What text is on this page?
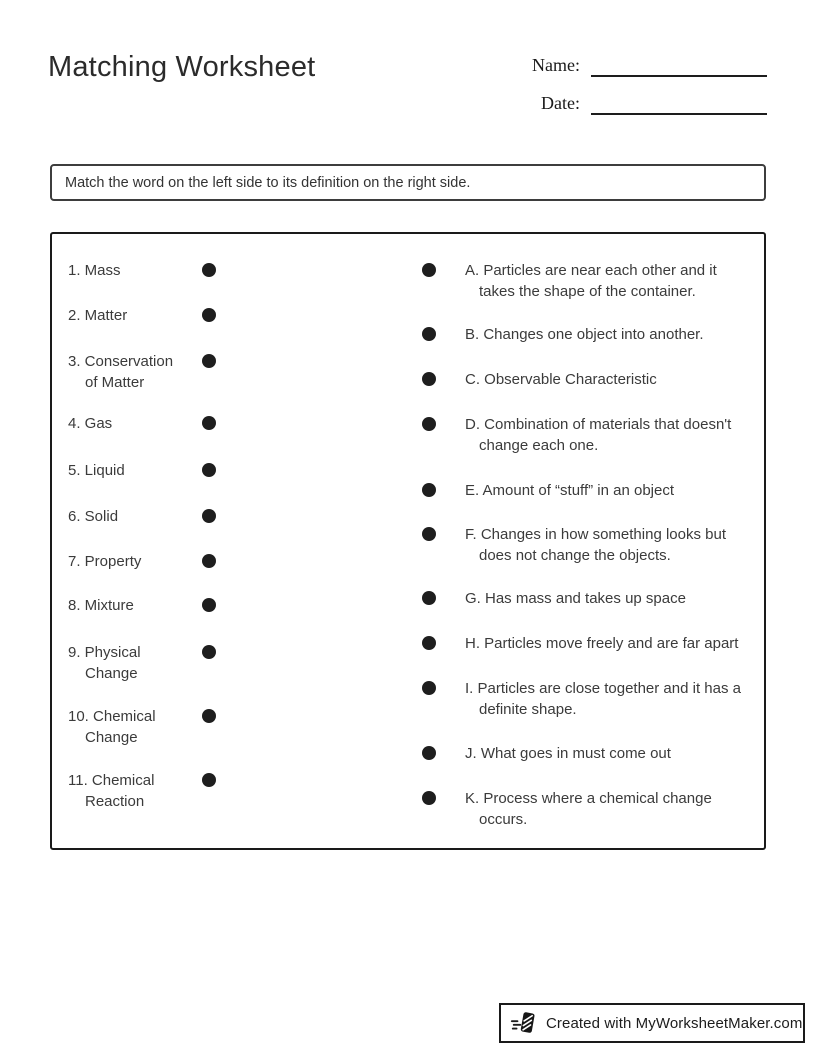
Matching Worksheet	Name:
Date:
Match the word on the left side to its definition on the right side.
1. Mass
2. Matter
3. Conservation
of Matter
4. Gas
5. Liquid
6. Solid
7. Property
8. Mixture
9. Physical
Change
10. Chemical
Change
11. Chemical
Reaction
A. Particles are near each other and it
takes the shape of the container.
B. Changes one object into another.
C. Observable Characteristic
D. Combination of materials that doesn't
change each one.
E. Amount of “stuff” in an object
F. Changes in how something looks but
does not change the objects.
G. Has mass and takes up space
H. Particles move freely and are far apart
I. Particles are close together and it has a
definite shape.
J. What goes in must come out
K. Process where a chemical change
occurs.
Created with MyWorksheetMaker.com
